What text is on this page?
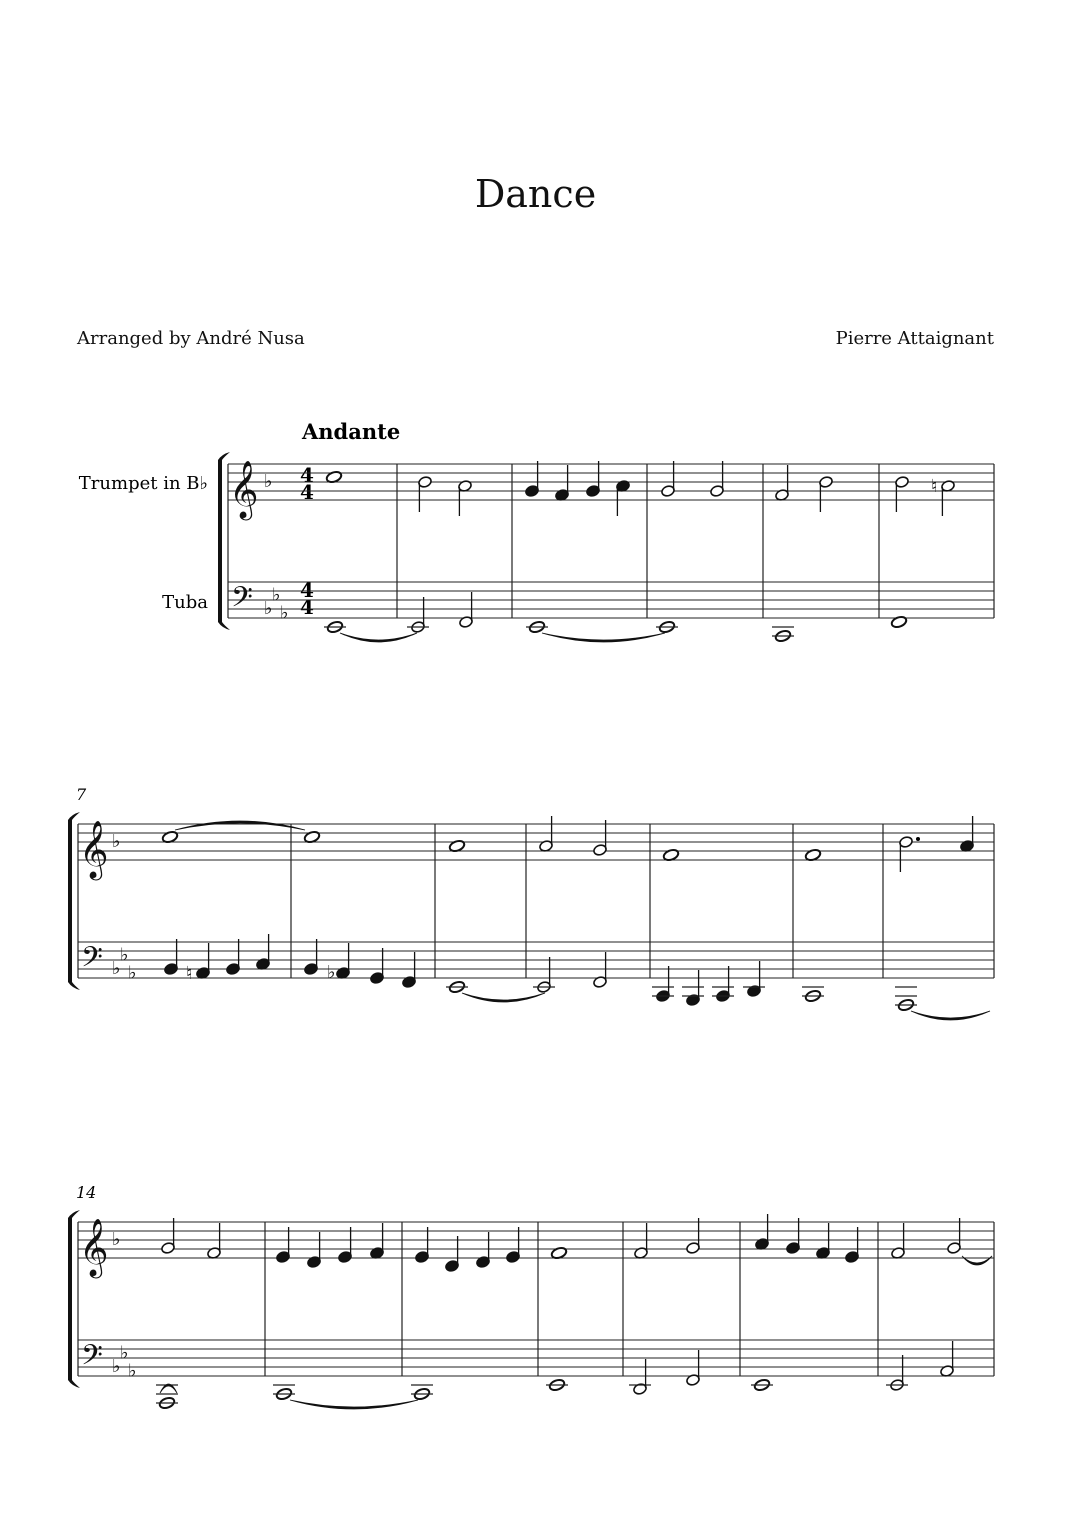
Dance
Arranged by André Nusa	Pierre Attaignant
Andante
Trumpet in B♭
Tuba
7
14
4
4
4
4
𝄞
𝄢
♭
♭
♭
♭
♮
𝄞
𝄢
♭
♭
♭
♭	♮	♭
𝄞
𝄢
♭
♭
♭
♭
